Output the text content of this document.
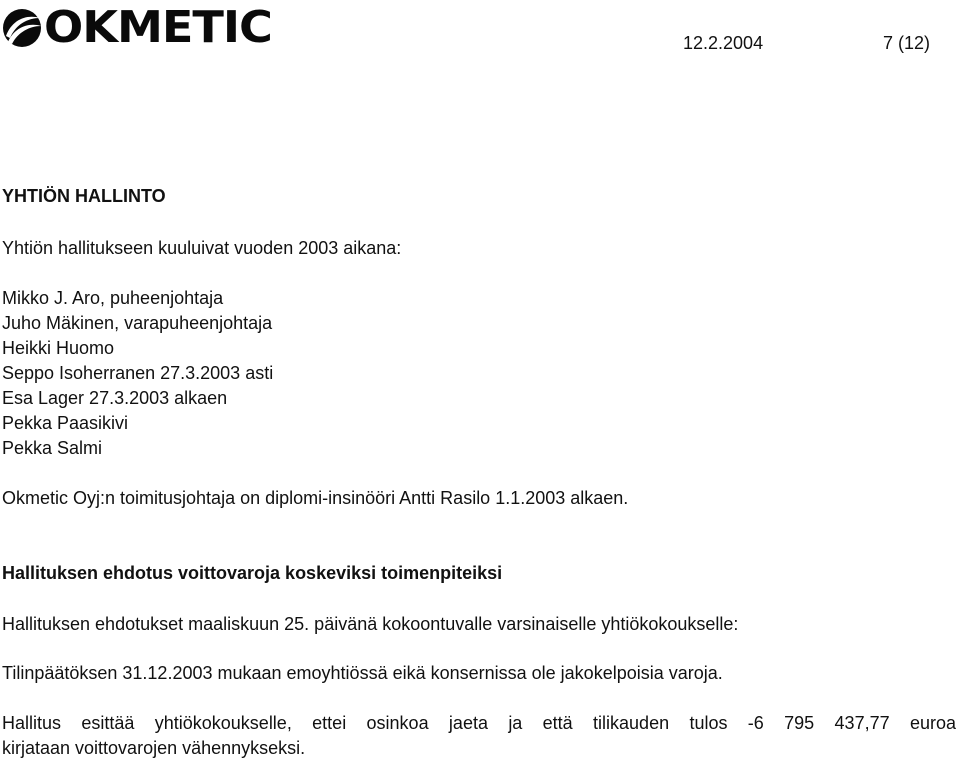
OKMETIC	12.2.2004	7 (12)
YHTIÖN HALLINTO
Yhtiön hallitukseen kuuluivat vuoden 2003 aikana:
Mikko J. Aro, puheenjohtaja
Juho Mäkinen, varapuheenjohtaja
Heikki Huomo
Seppo Isoherranen 27.3.2003 asti
Esa Lager 27.3.2003 alkaen
Pekka Paasikivi
Pekka Salmi
Okmetic Oyj:n toimitusjohtaja on diplomi-insinööri Antti Rasilo 1.1.2003 alkaen.
Hallituksen ehdotus voittovaroja koskeviksi toimenpiteiksi
Hallituksen ehdotukset maaliskuun 25. päivänä kokoontuvalle varsinaiselle yhtiökokoukselle:
Tilinpäätöksen 31.12.2003 mukaan emoyhtiössä eikä konsernissa ole jakokelpoisia varoja.
Hallitus esittää yhtiökokoukselle, ettei osinkoa jaeta ja että tilikauden tulos -6 795 437,77 euroa
kirjataan voittovarojen vähennykseksi.
